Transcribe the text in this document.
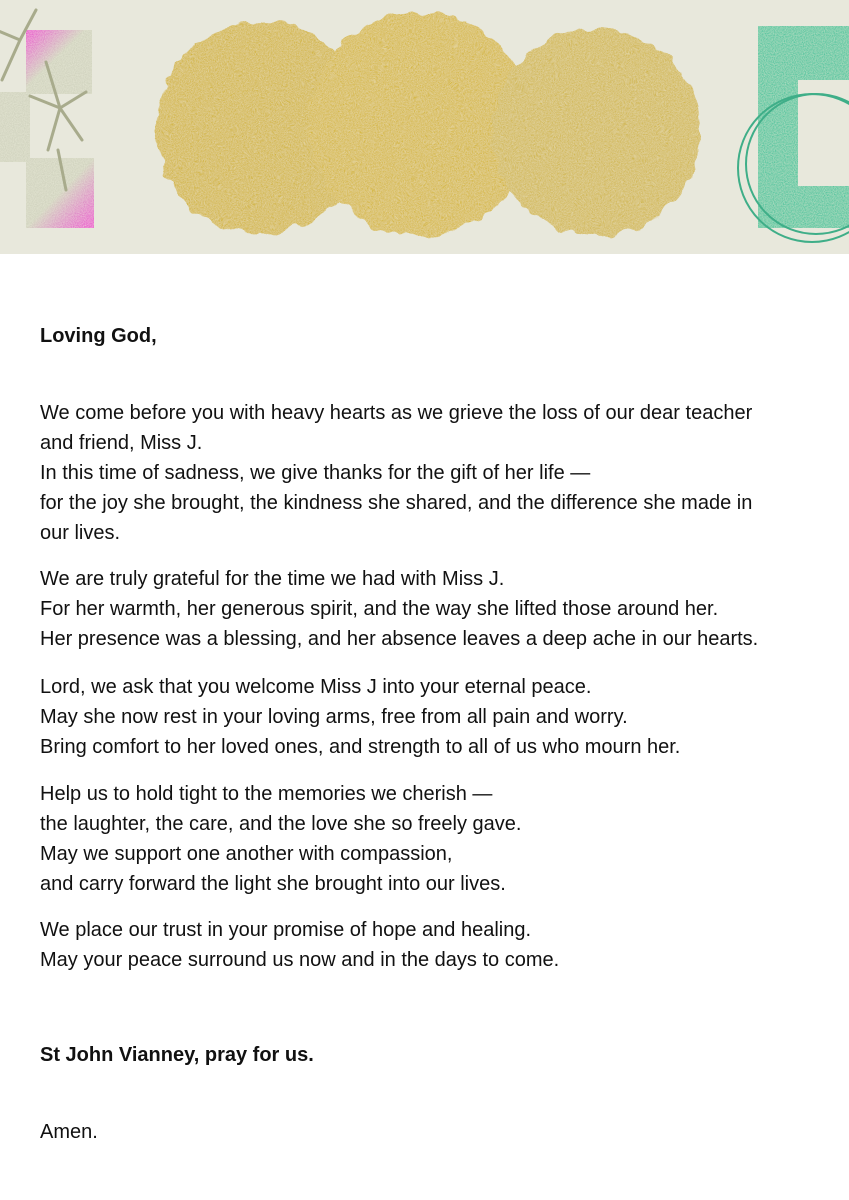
Loving God,

We come before you with heavy hearts as we grieve the loss of our dear teacher
and friend, Miss J.
In this time of sadness, we give thanks for the gift of her life —
for the joy she brought, the kindness she shared, and the difference she made in
our lives.

We are truly grateful for the time we had with Miss J.
For her warmth, her generous spirit, and the way she lifted those around her.
Her presence was a blessing, and her absence leaves a deep ache in our hearts.

Lord, we ask that you welcome Miss J into your eternal peace.
May she now rest in your loving arms, free from all pain and worry.
Bring comfort to her loved ones, and strength to all of us who mourn her.

Help us to hold tight to the memories we cherish —
the laughter, the care, and the love she so freely gave.
May we support one another with compassion,
and carry forward the light she brought into our lives.

We place our trust in your promise of hope and healing.
May your peace surround us now and in the days to come.

St John Vianney, pray for us.

Amen.
